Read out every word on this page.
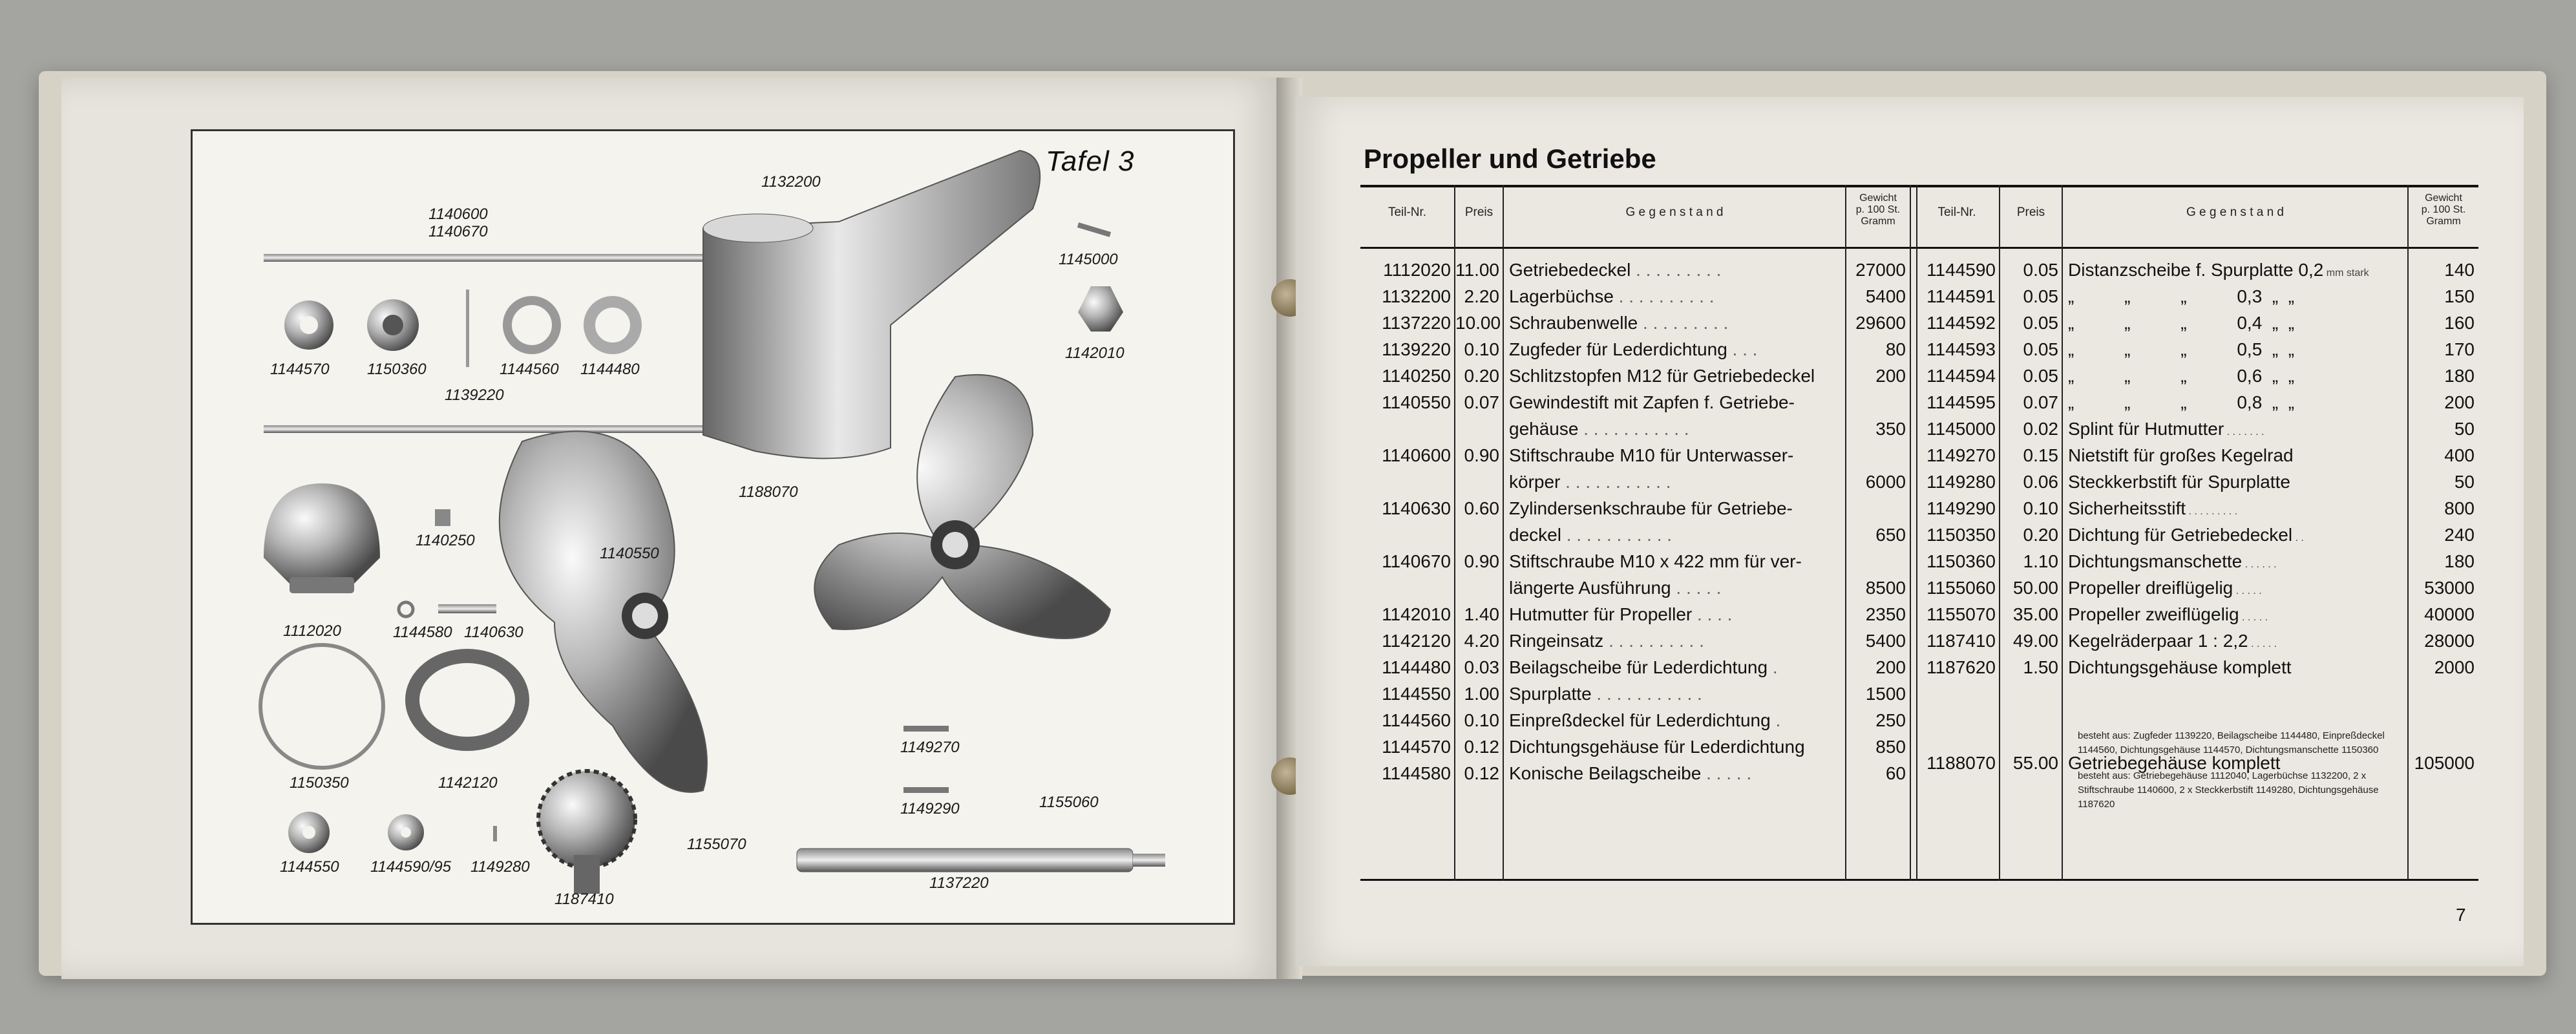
Tafel 3
1140600
1140670
1132200
1145000
1142010
1144570 1150360
1139220
1144560 1144480
1188070
1140250
1140550
1112020	1144580 1140630
1150350	1142120
1149270
1149290	1155060
1155070
1144550 1144590/95 1149280
1187410
1137220
Propeller und Getriebe
Teil-Nr.	Preis	G e g e n s t a n d
Gewicht
p. 100 St.
Gramm
Teil-Nr.	Preis	G e g e n s t a n d
Gewicht
p. 100 St.
Gramm
1112020 11.00 Getriebedeckel . . . . . . . . .	27000
1132200 2.20 Lagerbüchse . . . . . . . . . .	5400
1137220 10.00 Schraubenwelle . . . . . . . . .	29600
1139220 0.10 Zugfeder für Lederdichtung . . .	80
1140250 0.20 Schlitzstopfen M12 für Getriebedeckel	200
1140550 0.07 Gewindestift mit Zapfen f. Getriebe-
gehäuse . . . . . . . . . . .	350
1140600 0.90 Stiftschraube M10 für Unterwasser-
körper . . . . . . . . . . .	6000
1140630 0.60 Zylindersenkschraube für Getriebe-
deckel . . . . . . . . . . .	650
1140670 0.90 Stiftschraube M10 x 422 mm für ver-
längerte Ausführung . . . . .	8500
1142010 1.40 Hutmutter für Propeller . . . .	2350
1142120 4.20 Ringeinsatz . . . . . . . . . .	5400
1144480 0.03 Beilagscheibe für Lederdichtung .	200
1144550 1.00 Spurplatte . . . . . . . . . . .	1500
1144560 0.10 Einpreßdeckel für Lederdichtung .	250
1144570 0.12 Dichtungsgehäuse für Lederdichtung	850
1144580 0.12 Konische Beilagscheibe . . . . .	60
1144590	0.05 Distanzscheibe f. Spurplatte 0,2 mm stark	140
1144591	0.05 „          „          „          0,3  „  „	150
1144592	0.05 „          „          „          0,4  „  „	160
1144593	0.05 „          „          „          0,5  „  „	170
1144594	0.05 „          „          „          0,6  „  „	180
1144595	0.07 „          „          „          0,8  „  „	200
1145000	0.02 Splint für Hutmutter . . . . . . .	50
1149270	0.15 Nietstift für großes Kegelrad	400
1149280	0.06 Steckkerbstift für Spurplatte	50
1149290	0.10 Sicherheitsstift . . . . . . . . .	800
1150350	0.20 Dichtung für Getriebedeckel . .	240
1150360	1.10 Dichtungsmanschette . . . . . .	180
1155060 50.00 Propeller dreiflügelig . . . . .	53000
1155070 35.00 Propeller zweiflügelig . . . . .	40000
1187410 49.00 Kegelräderpaar 1 : 2,2 . . . . .	28000
1187620	1.50 Dichtungsgehäuse komplett	2000
1188070 55.00 Getriebegehäuse komplett	105000
besteht aus: Zugfeder 1139220, Beilagscheibe 1144480, Einpreßdeckel 1144560, Dichtungsgehäuse 1144570, Dichtungsmanschette 1150360
besteht aus: Getriebegehäuse 1112040, Lagerbüchse 1132200, 2 x Stiftschraube 1140600, 2 x Steckkerbstift 1149280, Dichtungsgehäuse 1187620
7
